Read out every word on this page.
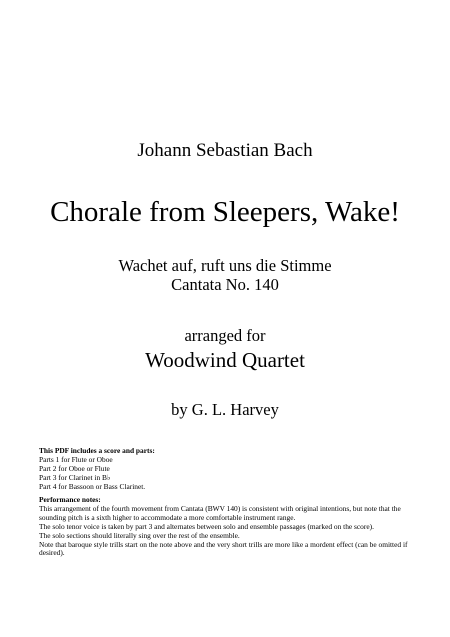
Johann Sebastian Bach
Chorale from Sleepers, Wake!
Wachet auf, ruft uns die Stimme
Cantata No. 140
arranged for
Woodwind Quartet
by G. L. Harvey
This PDF includes a score and parts:
Parts 1 for Flute or Oboe
Part 2 for Oboe or Flute
Part 3 for Clarinet in B♭
Part 4 for Bassoon or Bass Clarinet.
Performance notes:
This arrangement of the fourth movement from Cantata (BWV 140) is consistent with original intentions, but note that the sounding pitch is a sixth higher to accommodate a more comfortable instrument range.
The solo tenor voice is taken by part 3 and alternates between solo and ensemble passages (marked on the score).
The solo sections should literally sing over the rest of the ensemble.
Note that baroque style trills start on the note above and the very short trills are more like a mordent effect (can be omitted if desired).
